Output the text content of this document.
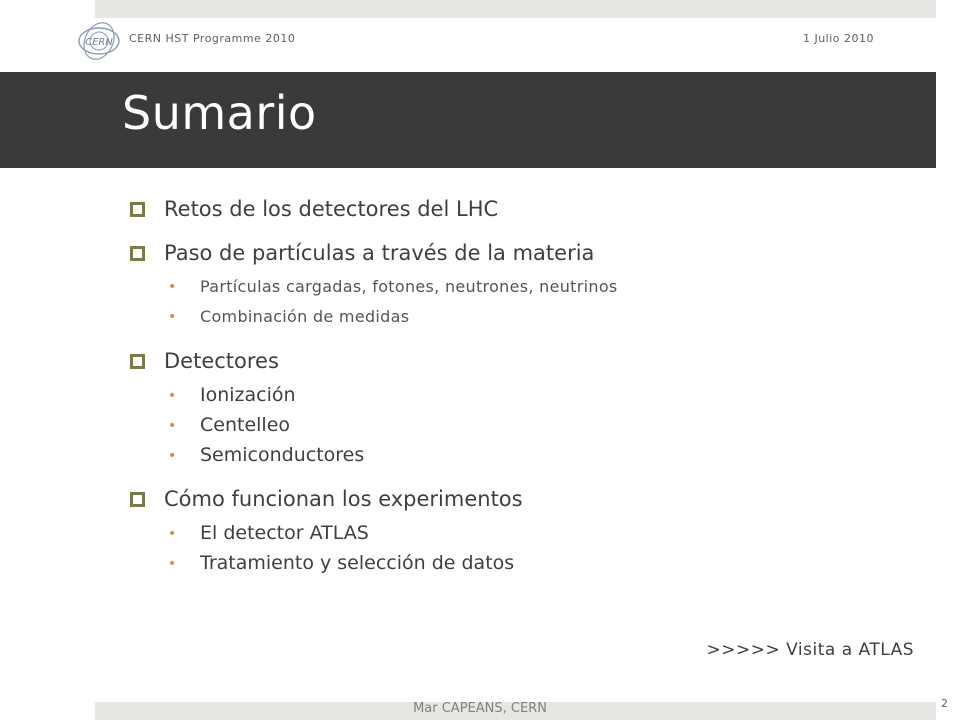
CERN CERN HST Programme 2010	1 Julio 2010
Sumario
Retos de los detectores del LHC
Paso de partículas a través de la materia
• Partículas cargadas, fotones, neutrones, neutrinos
• Combinación de medidas
Detectores
• Ionización
• Centelleo
• Semiconductores
Cómo funcionan los experimentos
• El detector ATLAS
• Tratamiento y selección de datos
>>>>> Visita a ATLAS
Mar CAPEANS, CERN	2
